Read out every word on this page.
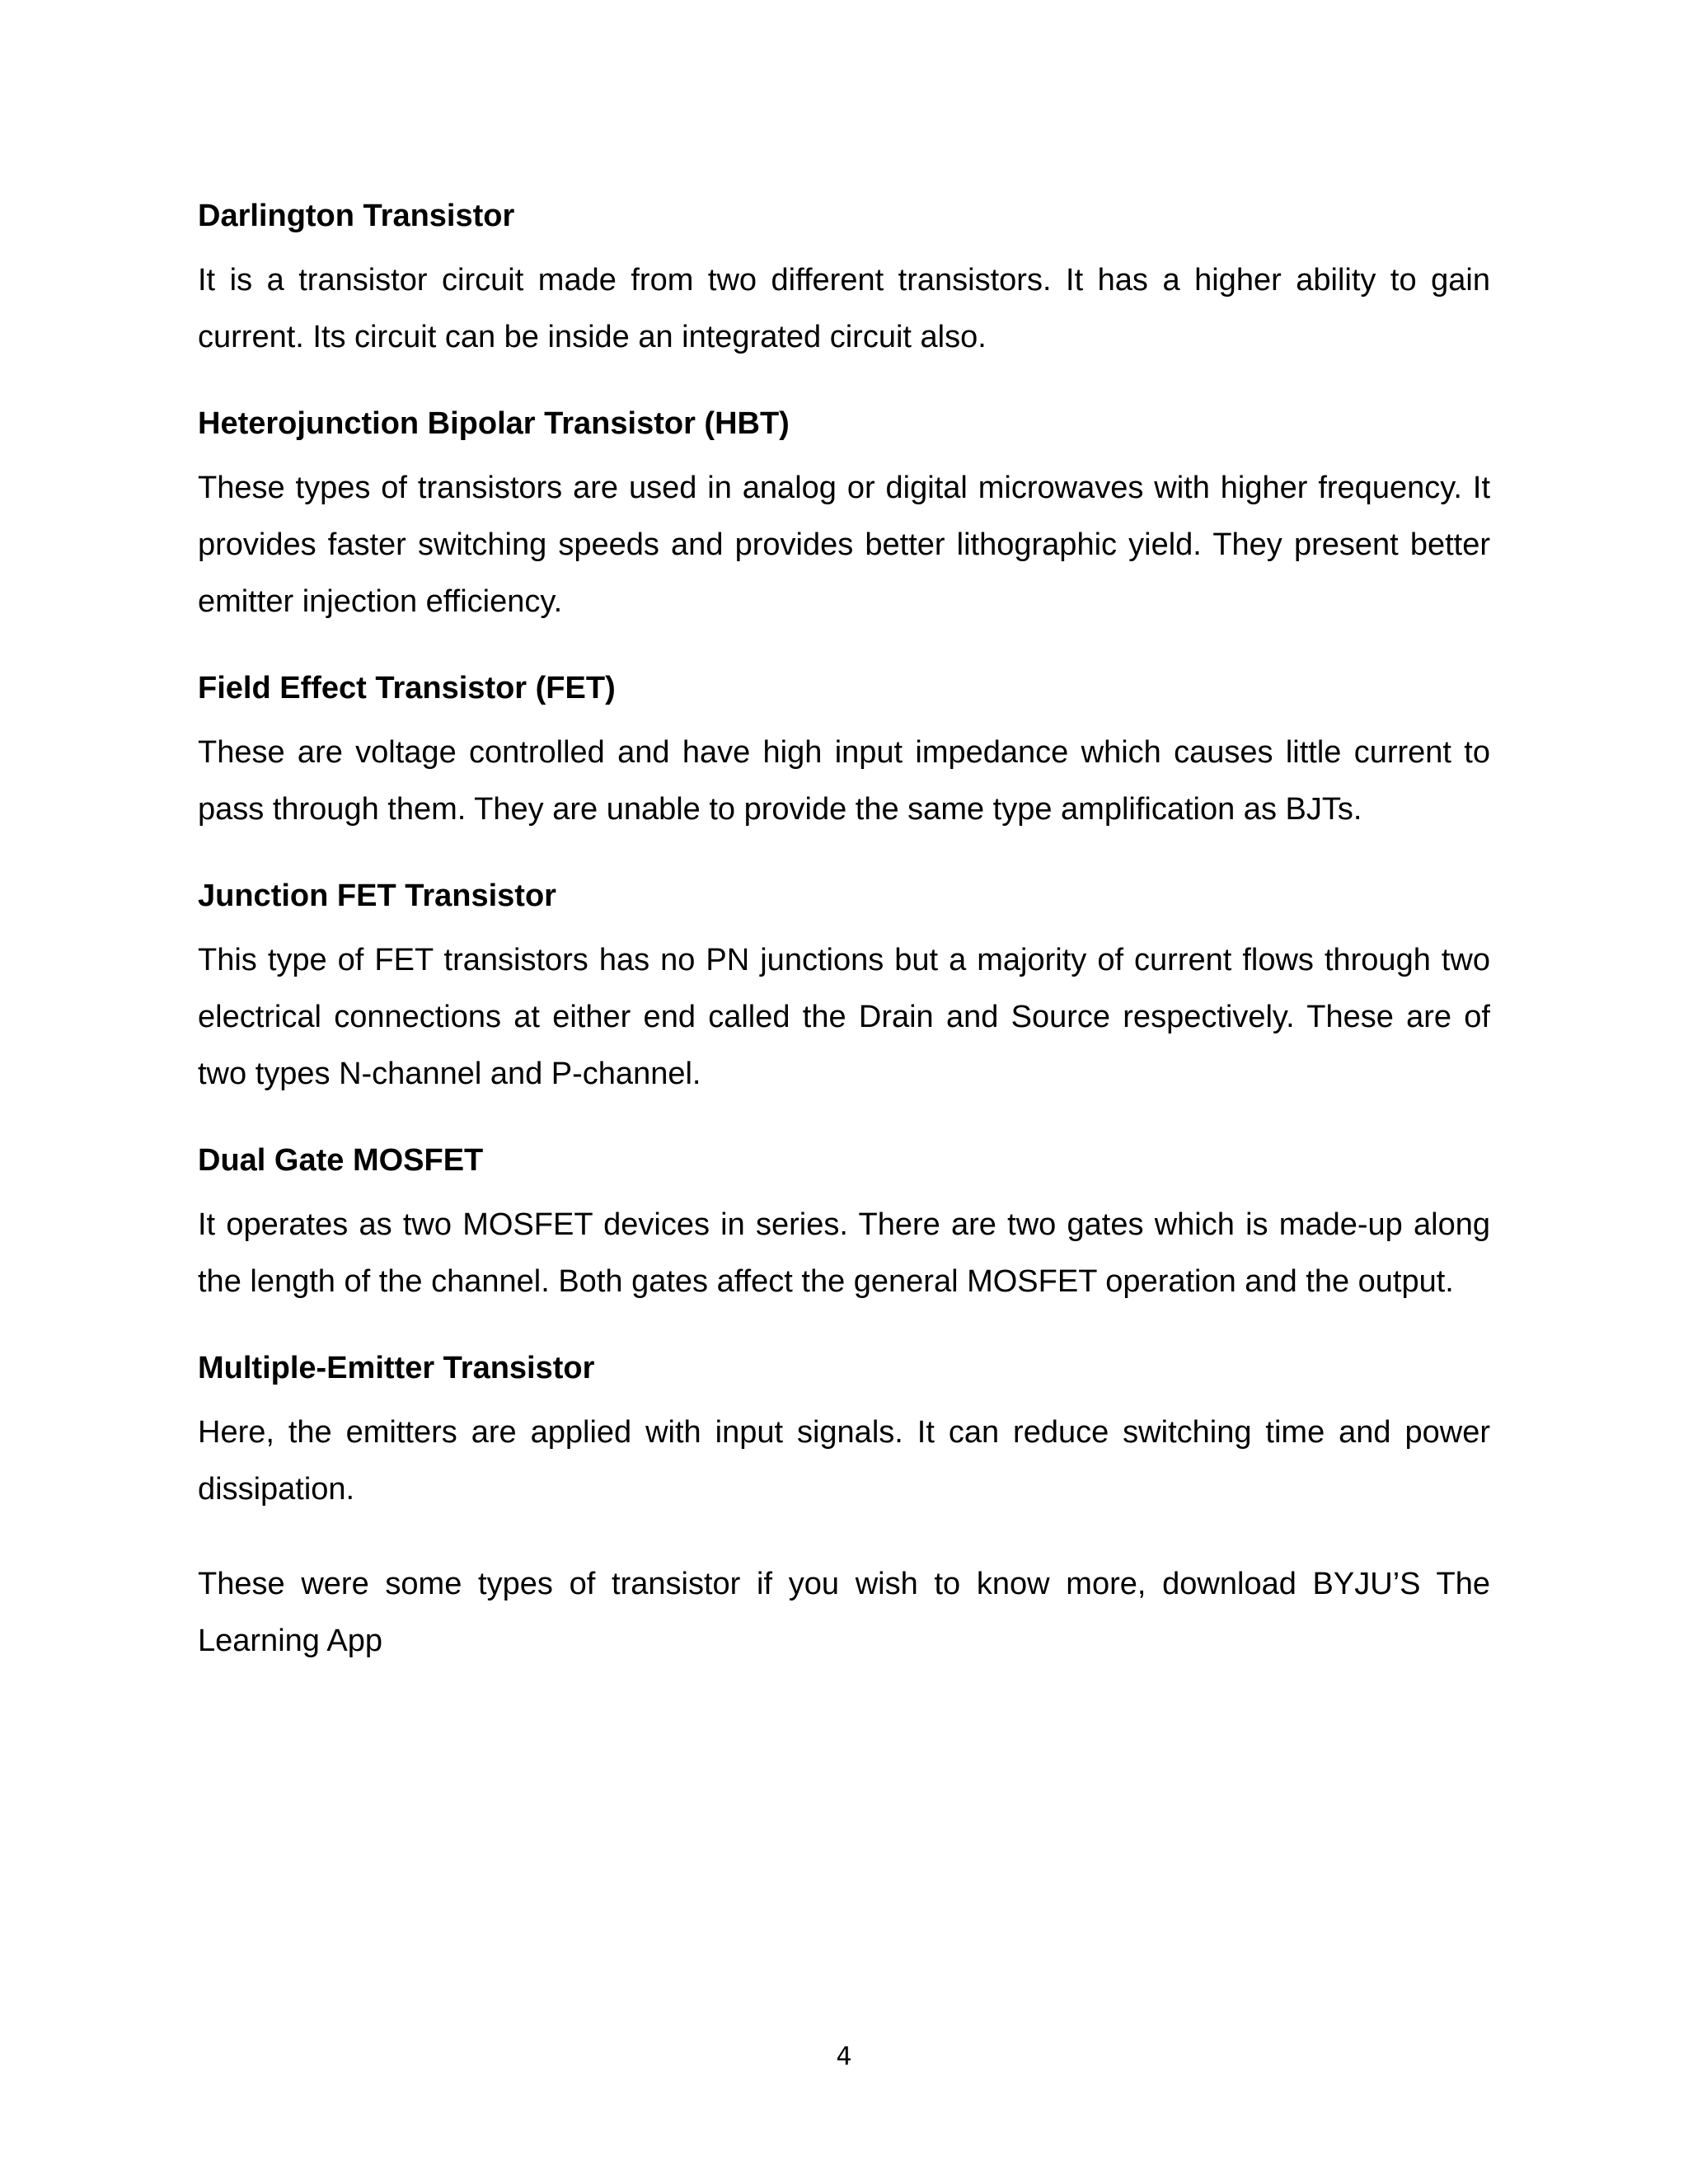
Darlington Transistor

It is a transistor circuit made from two different transistors. It has a higher ability to gain current. Its circuit can be inside an integrated circuit also.

Heterojunction Bipolar Transistor (HBT)

These types of transistors are used in analog or digital microwaves with higher frequency. It provides faster switching speeds and provides better lithographic yield. They present better emitter injection efficiency.

Field Effect Transistor (FET)

These are voltage controlled and have high input impedance which causes little current to pass through them. They are unable to provide the same type amplification as BJTs.

Junction FET Transistor

This type of FET transistors has no PN junctions but a majority of current flows through two electrical connections at either end called the Drain and Source respectively. These are of two types N-channel and P-channel.

Dual Gate MOSFET

It operates as two MOSFET devices in series. There are two gates which is made-up along the length of the channel. Both gates affect the general MOSFET operation and the output.

Multiple-Emitter Transistor

Here, the emitters are applied with input signals. It can reduce switching time and power dissipation.

These were some types of transistor if you wish to know more, download BYJU’S The Learning App

4
